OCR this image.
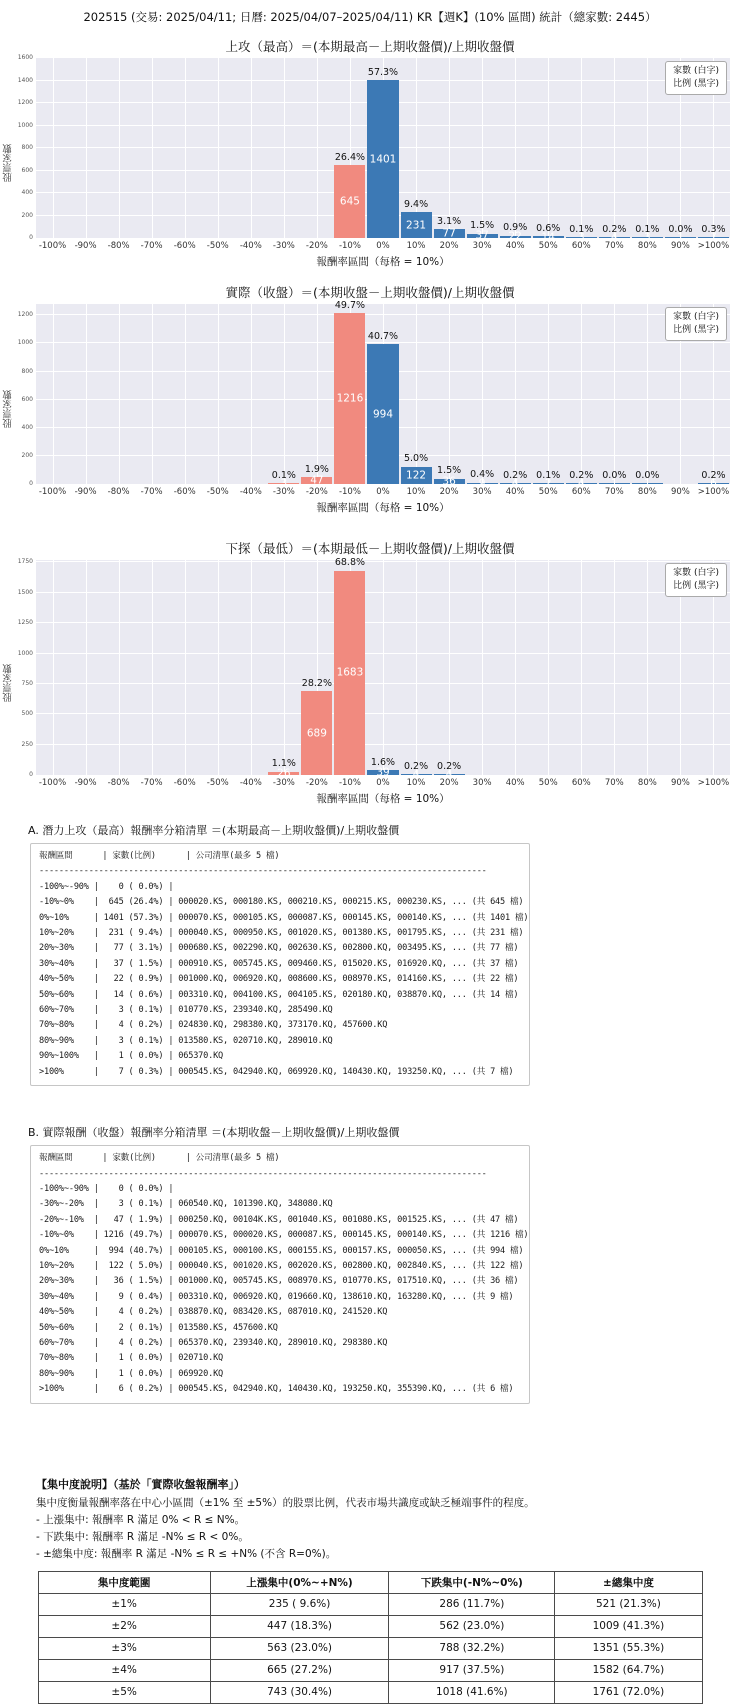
202515 (交易: 2025/04/11; 日曆: 2025/04/07–2025/04/11) KR【週K】(10% 區間) 統計（總家數: 2445）
上攻（最高）＝(本期最高－上期收盤價)/上期收盤價
股票家數
0
200
400
600
800
1000
1200
1400
1600
家數 (白字)
比例 (黑字)
645
26.4% 1401
57.3%
231
9.4%
77
3.1%
37
1.5%
22
0.9%
14
0.6%
3
0.1%
4
0.2%
3
0.1%
1
0.0%
7
0.3%
-100% -90%	-80%	-70%	-60%	-50%	-40%	-30%	-20%	-10%	0%	10%	20%	30%	40%	50%	60%	70%	80%	90% >100%
報酬率區間（每格 = 10%）
實際（收盤）＝(本期收盤－上期收盤價)/上期收盤價
股票家數
0
200
400
600
800
1000
1200	家數 (白字)
比例 (黑字)
3
0.1% 47
1.9%
1216
49.7%
994
40.7%
122
5.0%
36
1.5%
9
0.4%
4
0.2%
2
0.1%
4
0.2%
1
0.0%
1
0.0%
6
0.2%
-100% -90%	-80%	-70%	-60%	-50%	-40%	-30%	-20%	-10%	0%	10%	20%	30%	40%	50%	60%	70%	80%	90% >100%
報酬率區間（每格 = 10%）
下探（最低）＝(本期最低－上期收盤價)/上期收盤價
股票家數
0
250
500
750
1000
1250
1500
1750
家數 (白字)
比例 (黑字)
26
1.1%
689
28.2%
1683
68.8%
39
1.6%
4
0.2%
4
0.2%
-100% -90%	-80%	-70%	-60%	-50%	-40%	-30%	-20%	-10%	0%	10%	20%	30%	40%	50%	60%	70%	80%	90% >100%
報酬率區間（每格 = 10%）
A. 潛力上攻（最高）報酬率分箱清單 ＝(本期最高－上期收盤價)/上期收盤價
報酬區間      | 家數(比例)      | 公司清單(最多 5 檔)
------------------------------------------------------------------------------------------
-100%~-90% |    0 ( 0.0%) |
-10%~0%    |  645 (26.4%) | 000020.KS, 000180.KS, 000210.KS, 000215.KS, 000230.KS, ... (共 645 檔)
0%~10%     | 1401 (57.3%) | 000070.KS, 000105.KS, 000087.KS, 000145.KS, 000140.KS, ... (共 1401 檔)
10%~20%    |  231 ( 9.4%) | 000040.KS, 000950.KS, 001020.KS, 001380.KS, 001795.KS, ... (共 231 檔)
20%~30%    |   77 ( 3.1%) | 000680.KS, 002290.KQ, 002630.KS, 002800.KQ, 003495.KS, ... (共 77 檔)
30%~40%    |   37 ( 1.5%) | 000910.KS, 005745.KS, 009460.KS, 015020.KS, 016920.KQ, ... (共 37 檔)
40%~50%    |   22 ( 0.9%) | 001000.KQ, 006920.KQ, 008600.KS, 008970.KS, 014160.KS, ... (共 22 檔)
50%~60%    |   14 ( 0.6%) | 003310.KQ, 004100.KS, 004105.KS, 020180.KQ, 038870.KQ, ... (共 14 檔)
60%~70%    |    3 ( 0.1%) | 010770.KS, 239340.KQ, 285490.KQ
70%~80%    |    4 ( 0.2%) | 024830.KQ, 298380.KQ, 373170.KQ, 457600.KQ
80%~90%    |    3 ( 0.1%) | 013580.KS, 020710.KQ, 289010.KQ
90%~100%   |    1 ( 0.0%) | 065370.KQ
>100%      |    7 ( 0.3%) | 000545.KS, 042940.KQ, 069920.KQ, 140430.KQ, 193250.KQ, ... (共 7 檔)
B. 實際報酬（收盤）報酬率分箱清單 ＝(本期收盤－上期收盤價)/上期收盤價
報酬區間      | 家數(比例)      | 公司清單(最多 5 檔)
------------------------------------------------------------------------------------------
-100%~-90% |    0 ( 0.0%) |
-30%~-20%  |    3 ( 0.1%) | 060540.KQ, 101390.KQ, 348080.KQ
-20%~-10%  |   47 ( 1.9%) | 000250.KQ, 00104K.KS, 001040.KS, 001080.KS, 001525.KS, ... (共 47 檔)
-10%~0%    | 1216 (49.7%) | 000070.KS, 000020.KS, 000087.KS, 000145.KS, 000140.KS, ... (共 1216 檔)
0%~10%     |  994 (40.7%) | 000105.KS, 000100.KS, 000155.KS, 000157.KS, 000050.KS, ... (共 994 檔)
10%~20%    |  122 ( 5.0%) | 000040.KS, 001020.KS, 002020.KS, 002800.KQ, 002840.KS, ... (共 122 檔)
20%~30%    |   36 ( 1.5%) | 001000.KQ, 005745.KS, 008970.KS, 010770.KS, 017510.KQ, ... (共 36 檔)
30%~40%    |    9 ( 0.4%) | 003310.KQ, 006920.KQ, 019660.KQ, 138610.KQ, 163280.KQ, ... (共 9 檔)
40%~50%    |    4 ( 0.2%) | 038870.KQ, 083420.KS, 087010.KQ, 241520.KQ
50%~60%    |    2 ( 0.1%) | 013580.KS, 457600.KQ
60%~70%    |    4 ( 0.2%) | 065370.KQ, 239340.KQ, 289010.KQ, 298380.KQ
70%~80%    |    1 ( 0.0%) | 020710.KQ
80%~90%    |    1 ( 0.0%) | 069920.KQ
>100%      |    6 ( 0.2%) | 000545.KS, 042940.KQ, 140430.KQ, 193250.KQ, 355390.KQ, ... (共 6 檔)
【集中度說明】（基於「實際收盤報酬率」）
集中度衡量報酬率落在中心小區間（±1% 至 ±5%）的股票比例，代表市場共識度或缺乏極端事件的程度。
- 上漲集中: 報酬率 R 滿足 0% < R ≤ N%。
- 下跌集中: 報酬率 R 滿足 -N% ≤ R < 0%。
- ±總集中度: 報酬率 R 滿足 -N% ≤ R ≤ +N% (不含 R=0%)。
集中度範圍	上漲集中(0%~+N%)	下跌集中(-N%~0%)	±總集中度
±1%	235 ( 9.6%)	286 (11.7%)	521 (21.3%)
±2%	447 (18.3%)	562 (23.0%)	1009 (41.3%)
±3%	563 (23.0%)	788 (32.2%)	1351 (55.3%)
±4%	665 (27.2%)	917 (37.5%)	1582 (64.7%)
±5%	743 (30.4%)	1018 (41.6%)	1761 (72.0%)
